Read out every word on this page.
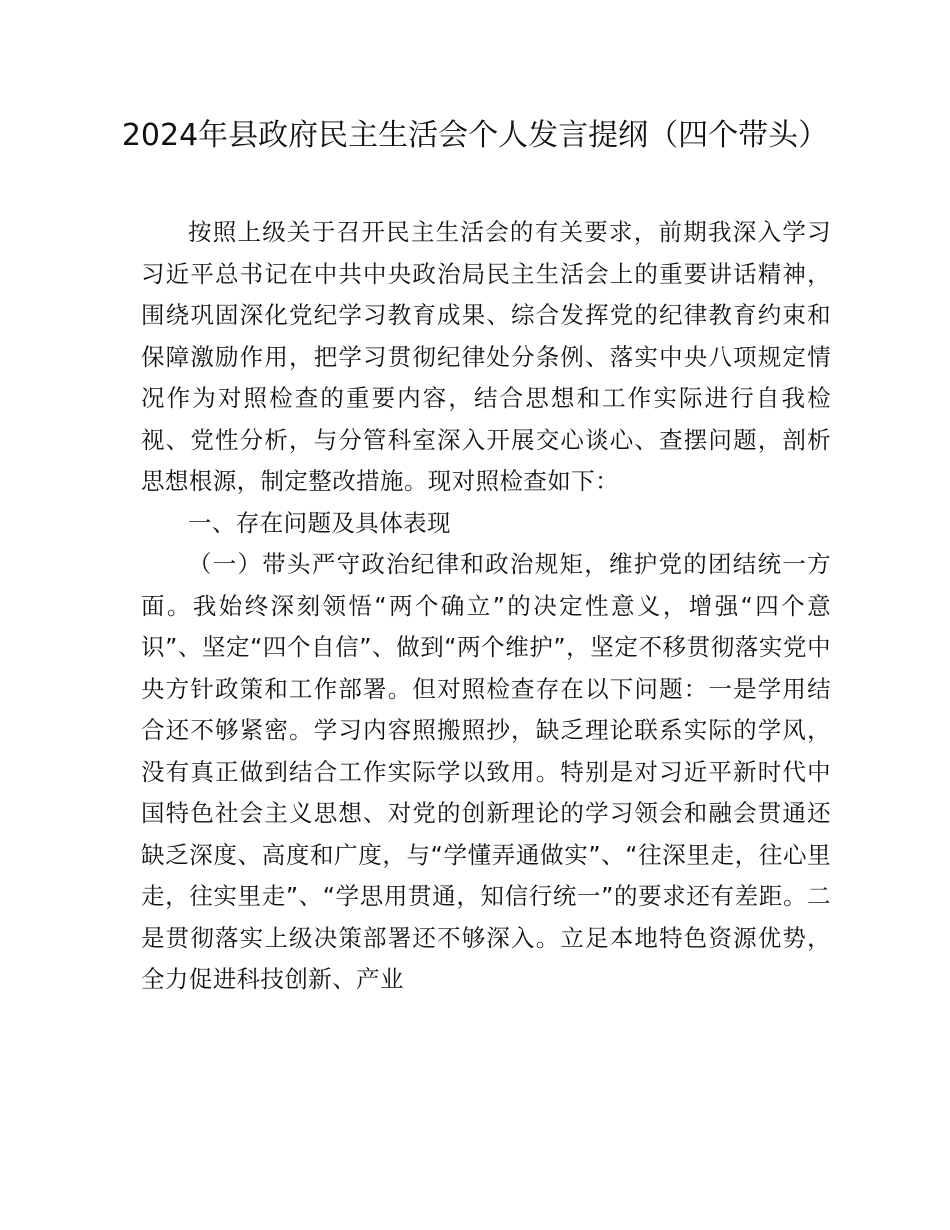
2024年县政府民主生活会个人发言提纲（四个带头）

按照上级关于召开民主生活会的有关要求，前期我深入学习习近平总书记在中共中央政治局民主生活会上的重要讲话精神，围绕巩固深化党纪学习教育成果、综合发挥党的纪律教育约束和保障激励作用，把学习贯彻纪律处分条例、落实中央八项规定情况作为对照检查的重要内容，结合思想和工作实际进行自我检视、党性分析，与分管科室深入开展交心谈心、查摆问题，剖析思想根源，制定整改措施。现对照检查如下：

一、存在问题及具体表现

（一）带头严守政治纪律和政治规矩，维护党的团结统一方面。我始终深刻领悟“两个确立”的决定性意义，增强“四个意识”、坚定“四个自信”、做到“两个维护”，坚定不移贯彻落实党中央方针政策和工作部署。但对照检查存在以下问题：一是学用结合还不够紧密。学习内容照搬照抄，缺乏理论联系实际的学风，没有真正做到结合工作实际学以致用。特别是对习近平新时代中国特色社会主义思想、对党的创新理论的学习领会和融会贯通还缺乏深度、高度和广度，与“学懂弄通做实”、“往深里走，往心里走，往实里走”、“学思用贯通，知信行统一”的要求还有差距。二是贯彻落实上级决策部署还不够深入。立足本地特色资源优势，全力促进科技创新、产业
